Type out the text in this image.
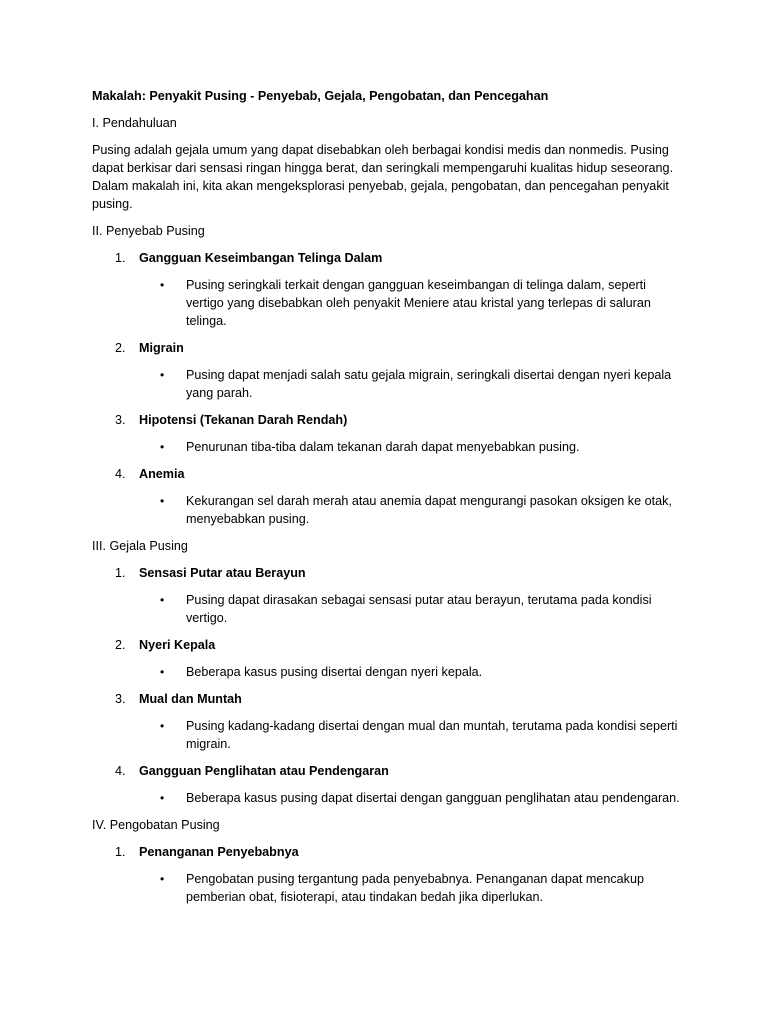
Makalah: Penyakit Pusing - Penyebab, Gejala, Pengobatan, dan Pencegahan
I. Pendahuluan
Pusing adalah gejala umum yang dapat disebabkan oleh berbagai kondisi medis dan nonmedis. Pusing dapat berkisar dari sensasi ringan hingga berat, dan seringkali mempengaruhi kualitas hidup seseorang. Dalam makalah ini, kita akan mengeksplorasi penyebab, gejala, pengobatan, dan pencegahan penyakit pusing.
II. Penyebab Pusing
1.	Gangguan Keseimbangan Telinga Dalam
•	Pusing seringkali terkait dengan gangguan keseimbangan di telinga dalam, seperti vertigo yang disebabkan oleh penyakit Meniere atau kristal yang terlepas di saluran telinga.
2.	Migrain
•	Pusing dapat menjadi salah satu gejala migrain, seringkali disertai dengan nyeri kepala yang parah.
3.	Hipotensi (Tekanan Darah Rendah)
•	Penurunan tiba-tiba dalam tekanan darah dapat menyebabkan pusing.
4.	Anemia
•	Kekurangan sel darah merah atau anemia dapat mengurangi pasokan oksigen ke otak, menyebabkan pusing.
III. Gejala Pusing
1.	Sensasi Putar atau Berayun
•	Pusing dapat dirasakan sebagai sensasi putar atau berayun, terutama pada kondisi vertigo.
2.	Nyeri Kepala
•	Beberapa kasus pusing disertai dengan nyeri kepala.
3.	Mual dan Muntah
•	Pusing kadang-kadang disertai dengan mual dan muntah, terutama pada kondisi seperti migrain.
4.	Gangguan Penglihatan atau Pendengaran
•	Beberapa kasus pusing dapat disertai dengan gangguan penglihatan atau pendengaran.
IV. Pengobatan Pusing
1.	Penanganan Penyebabnya
•	Pengobatan pusing tergantung pada penyebabnya. Penanganan dapat mencakup pemberian obat, fisioterapi, atau tindakan bedah jika diperlukan.
